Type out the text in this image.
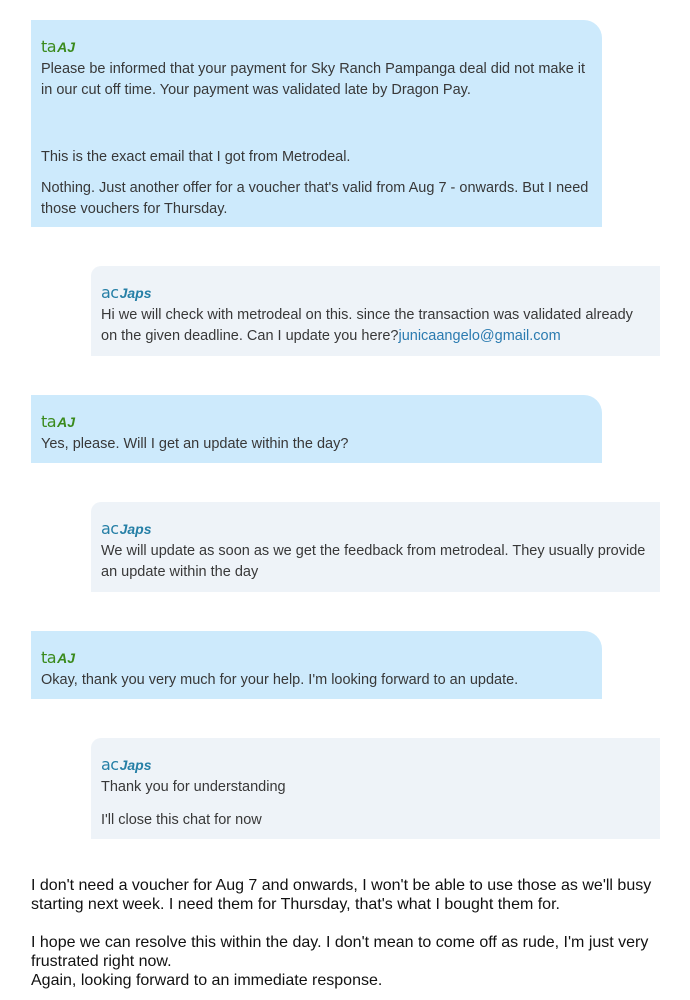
ta AJ

Please be informed that your payment for Sky Ranch Pampanga deal did not make it in our cut off time. Your payment was validated late by Dragon Pay.

This is the exact email that I got from Metrodeal.

Nothing. Just another offer for a voucher that's valid from Aug 7 - onwards. But I need those vouchers for Thursday.

ac Japs

Hi we will check with metrodeal on this. since the transaction was validated already on the given deadline. Can I update you here?junicaangelo@gmail.com

ta AJ

Yes, please. Will I get an update within the day?

ac Japs

We will update as soon as we get the feedback from metrodeal. They usually provide an update within the day

ta AJ

Okay, thank you very much for your help. I'm looking forward to an update.

ac Japs

Thank you for understanding

I'll close this chat for now

I don't need a voucher for Aug 7 and onwards, I won't be able to use those as we'll busy starting next week. I need them for Thursday, that's what I bought them for.

I hope we can resolve this within the day. I don't mean to come off as rude, I'm just very frustrated right now.

Again, looking forward to an immediate response.
